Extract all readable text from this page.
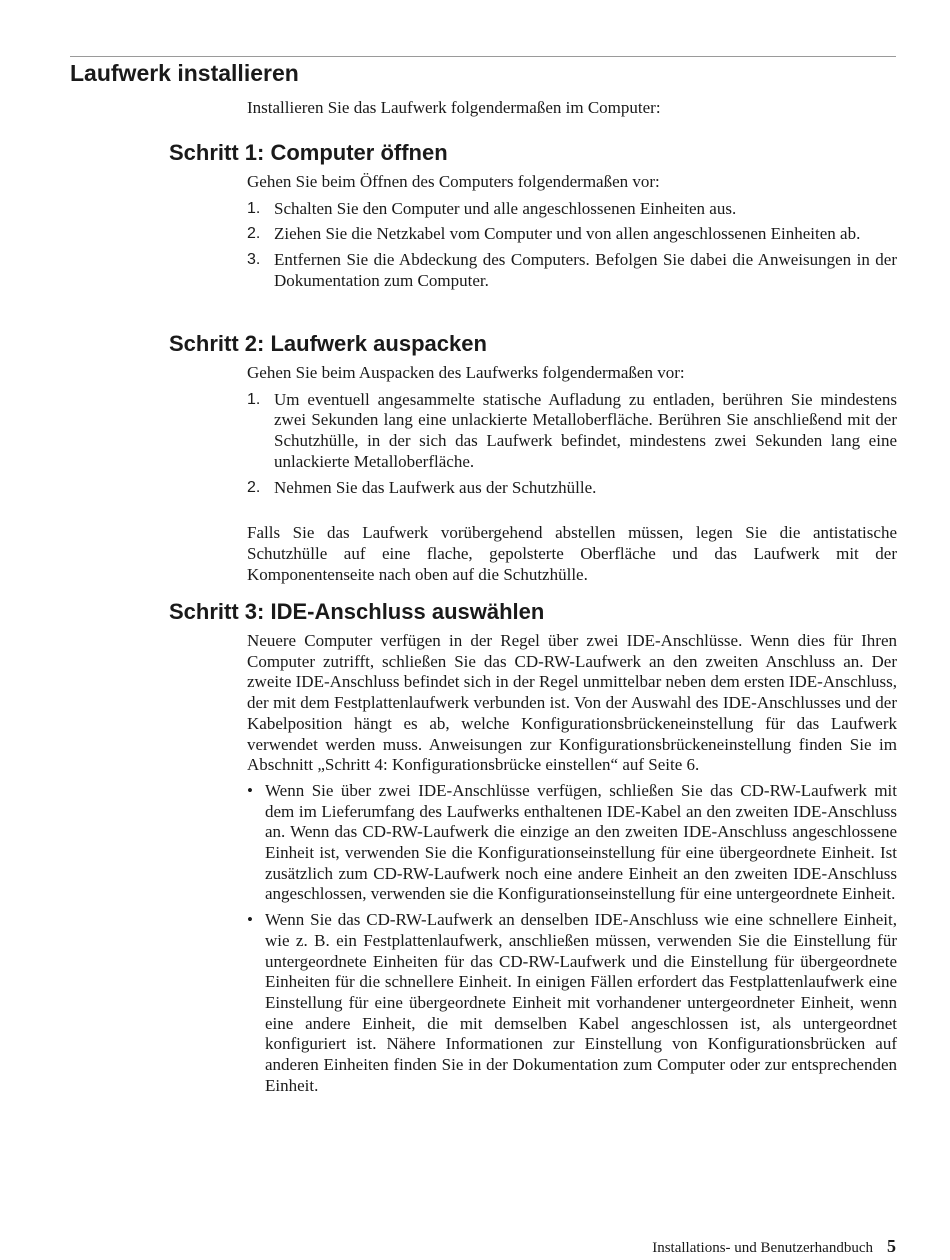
Laufwerk installieren

Installieren Sie das Laufwerk folgendermaßen im Computer:

Schritt 1: Computer öffnen

Gehen Sie beim Öffnen des Computers folgendermaßen vor:

1. Schalten Sie den Computer und alle angeschlossenen Einheiten aus.
2. Ziehen Sie die Netzkabel vom Computer und von allen angeschlossenen Einheiten ab.
3. Entfernen Sie die Abdeckung des Computers. Befolgen Sie dabei die Anweisungen in der Dokumentation zum Computer.
Schritt 2: Laufwerk auspacken

Gehen Sie beim Auspacken des Laufwerks folgendermaßen vor:

1. Um eventuell angesammelte statische Aufladung zu entladen, berühren Sie mindestens zwei Sekunden lang eine unlackierte Metalloberfläche. Berühren Sie anschließend mit der Schutzhülle, in der sich das Laufwerk befindet, mindestens zwei Sekunden lang eine unlackierte Metalloberfläche.
2. Nehmen Sie das Laufwerk aus der Schutzhülle.

Falls Sie das Laufwerk vorübergehend abstellen müssen, legen Sie die antistatische Schutzhülle auf eine flache, gepolsterte Oberfläche und das Laufwerk mit der Komponentenseite nach oben auf die Schutzhülle.

Schritt 3: IDE-Anschluss auswählen

Neuere Computer verfügen in der Regel über zwei IDE-Anschlüsse. Wenn dies für Ihren Computer zutrifft, schließen Sie das CD-RW-Laufwerk an den zweiten Anschluss an. Der zweite IDE-Anschluss befindet sich in der Regel unmittelbar neben dem ersten IDE-Anschluss, der mit dem Festplattenlaufwerk verbunden ist. Von der Auswahl des IDE-Anschlusses und der Kabelposition hängt es ab, welche Konfigurationsbrückeneinstellung für das Laufwerk verwendet werden muss. Anweisungen zur Konfigurationsbrückeneinstellung finden Sie im Abschnitt „Schritt 4: Konfigurationsbrücke einstellen“ auf Seite 6.

• Wenn Sie über zwei IDE-Anschlüsse verfügen, schließen Sie das CD-RW-Laufwerk mit dem im Lieferumfang des Laufwerks enthaltenen IDE-Kabel an den zweiten IDE-Anschluss an. Wenn das CD-RW-Laufwerk die einzige an den zweiten IDE-Anschluss angeschlossene Einheit ist, verwenden Sie die Konfigurationseinstellung für eine übergeordnete Einheit. Ist zusätzlich zum CD-RW-Laufwerk noch eine andere Einheit an den zweiten IDE-Anschluss angeschlossen, verwenden sie die Konfigurationseinstellung für eine untergeordnete Einheit.
• Wenn Sie das CD-RW-Laufwerk an denselben IDE-Anschluss wie eine schnellere Einheit, wie z. B. ein Festplattenlaufwerk, anschließen müssen, verwenden Sie die Einstellung für untergeordnete Einheiten für das CD-RW-Laufwerk und die Einstellung für übergeordnete Einheiten für die schnellere Einheit. In einigen Fällen erfordert das Festplattenlaufwerk eine Einstellung für eine übergeordnete Einheit mit vorhandener untergeordneter Einheit, wenn eine andere Einheit, die mit demselben Kabel angeschlossen ist, als untergeordnet konfiguriert ist. Nähere Informationen zur Einstellung von Konfigurationsbrücken auf anderen Einheiten finden Sie in der Dokumentation zum Computer oder zur entsprechenden Einheit.
Installations- und Benutzerhandbuch 5
